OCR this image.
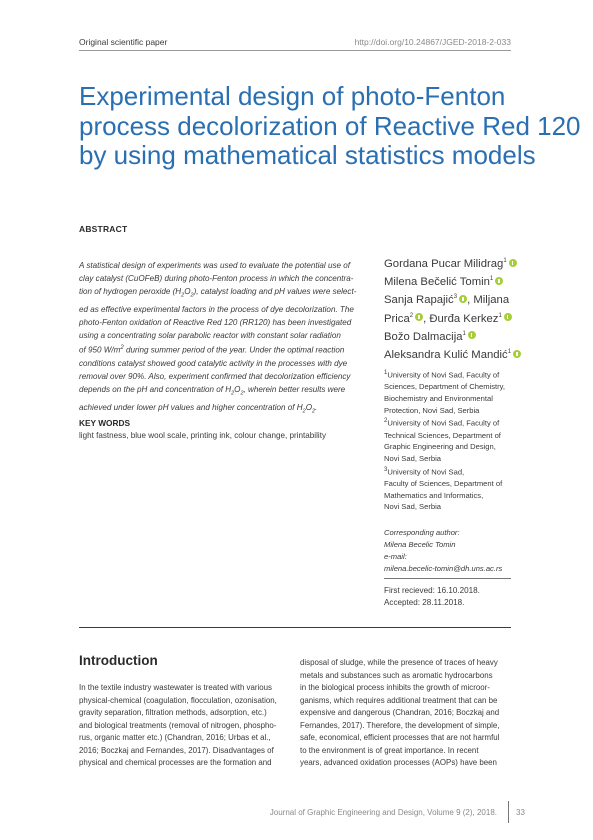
Original scientific paper	http://doi.org/10.24867/JGED-2018-2-033
Experimental design of photo-Fenton
process decolorization of Reactive Red 120
by using mathematical statistics models
ABSTRACT
A statistical design of experiments was used to evaluate the potential use of
clay catalyst (CuOFeB) during photo-Fenton process in which the concentra-
tion of hydrogen peroxide $(H_2O_2)$, catalyst loading and pH values were select-
ed as effective experimental factors in the process of dye decolorization. The
photo-Fenton oxidation of Reactive Red 120 (RR120) has been investigated
using a concentrating solar parabolic reactor with constant solar radiation
of 950 $W/m^2$ during summer period of the year. Under the optimal reaction
conditions catalyst showed good catalytic activity in the processes with dye
removal over 90%. Also, experiment confirmed that decolorization efficiency
depends on the pH and concentration of $H_2O_2$, wherein better results were
achieved under lower pH values and higher concentration of $H_2O_2$.
KEY WORDS
light fastness, blue wool scale, printing ink, colour change, printability
Gordana Pucar Milidrag$^1$
Milena Bečelić Tomin$^1$
Sanja Rapajić$^3$ , Miljana
Prica$^2$ , Đurđa Kerkez$^1$
Božo Dalmacija$^1$
Aleksandra Kulić Mandić$^1$
$^1$University of Novi Sad, Faculty of
Sciences, Department of Chemistry,
Biochemistry and Environmental
Protection, Novi Sad, Serbia
$^2$University of Novi Sad, Faculty of
Technical Sciences, Department of
Graphic Engineering and Design,
Novi Sad, Serbia
$^3$University of Novi Sad,
Faculty of Sciences, Department of
Mathematics and Informatics,
Novi Sad, Serbia
Corresponding author:
Milena Becelic Tomin
e-mail:
milena.becelic-tomin@dh.uns.ac.rs
First recieved: 16.10.2018.
Accepted: 28.11.2018.
Introduction
In the textile industry wastewater is treated with various
physical-chemical (coagulation, flocculation, ozonisation,
gravity separation, filtration methods, adsorption, etc.)
and biological treatments (removal of nitrogen, phospho-
rus, organic matter etc.) (Chandran, 2016; Urbas et al.,
2016; Boczkaj and Fernandes, 2017). Disadvantages of
physical and chemical processes are the formation and
disposal of sludge, while the presence of traces of heavy
metals and substances such as aromatic hydrocarbons
in the biological process inhibits the growth of microor-
ganisms, which requires additional treatment that can be
expensive and dangerous (Chandran, 2016; Boczkaj and
Fernandes, 2017). Therefore, the development of simple,
safe, economical, efficient processes that are not harmful
to the environment is of great importance. In recent
years, advanced oxidation processes (AOPs) have been
Journal of Graphic Engineering and Design, Volume 9 (2), 2018. 33
